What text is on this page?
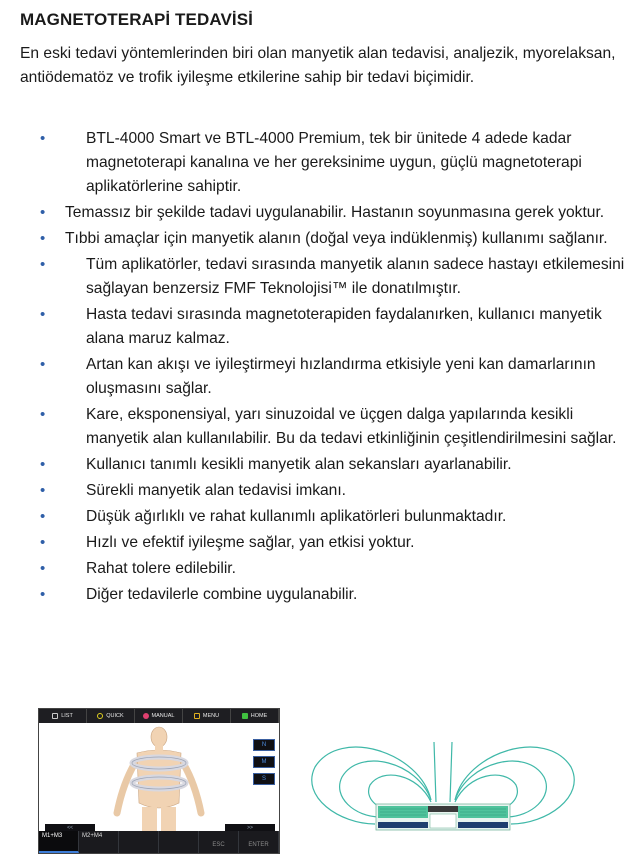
MAGNETOTERAPİ TEDAVİSİ

En eski tedavi yöntemlerinden biri olan manyetik alan tedavisi, analjezik, myorelaksan, antiödematöz ve trofik iyileşme etkilerine sahip bir tedavi biçimidir.

•	BTL-4000 Smart ve BTL-4000 Premium, tek bir ünitede 4 adede kadar magnetoterapi kanalına ve her gereksinime uygun, güçlü magnetoterapi aplikatörlerine sahiptir.
• Temassız bir şekilde tadavi uygulanabilir. Hastanın soyunmasına gerek yoktur.
• Tıbbi amaçlar için manyetik alanın (doğal veya indüklenmiş) kullanımı sağlanır.
•	Tüm aplikatörler, tedavi sırasında manyetik alanın sadece hastayı etkilemesini sağlayan benzersiz FMF Teknolojisi™ ile donatılmıştır.
•	Hasta tedavi sırasında magnetoterapiden faydalanırken, kullanıcı manyetik alana maruz kalmaz.
•	Artan kan akışı ve iyileştirmeyi hızlandırma etkisiyle yeni kan damarlarının oluşmasını sağlar.
•	Kare, eksponensiyal, yarı sinuzoidal ve üçgen dalga yapılarında kesikli manyetik alan kullanılabilir. Bu da tedavi etkinliğinin çeşitlendirilmesini sağlar.
•	Kullanıcı tanımlı kesikli manyetik alan sekansları ayarlanabilir.
•	Sürekli manyetik alan tedavisi imkanı.
•	Düşük ağırlıklı ve rahat kullanımlı aplikatörleri bulunmaktadır.
•	Hızlı ve efektif iyileşme sağlar, yan etkisi yoktur.
•	Rahat tolere edilebilir.
•	Diğer tedavilerle combine uygulanabilir.
LIST	QUICK	MANUAL	MENU	HOME
N
M
S
<<	>>
M1+M3	M2+M4
ESC	ENTER
